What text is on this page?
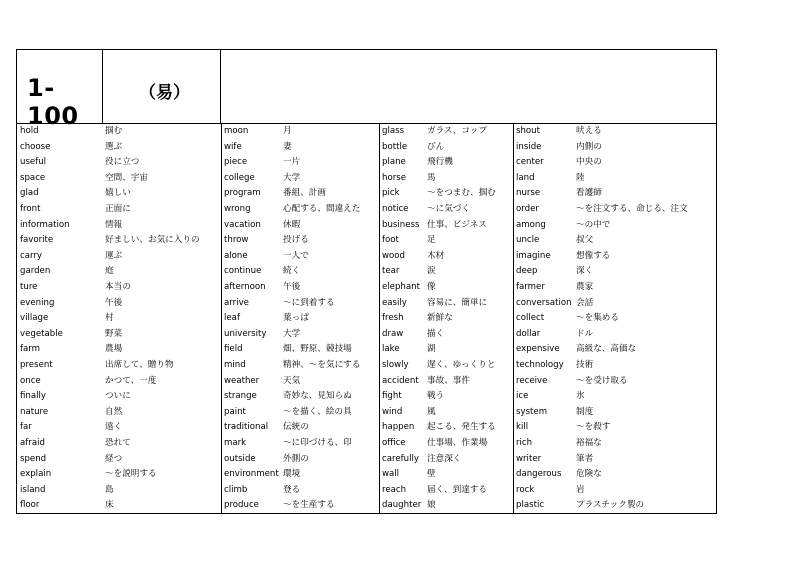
1-100
（易）
hold	掴む
choose	選ぶ
useful	役に立つ
space	空間、宇宙
glad	嬉しい
front	正面に
information	情報
favorite	好ましい、お気に入りの
carry	運ぶ
garden	庭
ture	本当の
evening	午後
village	村
vegetable	野菜
farm	農場
present	出席して、贈り物
once	かつて、一度
finally	ついに
nature	自然
far	遠く
afraid	恐れて
spend	経つ
explain	～を説明する
island	島
floor	床
moon	月
wife	妻
piece	一片
college	大学
program	番組、計画
wrong	心配する、間違えた
vacation	休暇
throw	投げる
alone	一人で
continue	続く
afternoon 午後
arrive	～に到着する
leaf	葉っぱ
university 大学
field	畑、野原、競技場
mind	精神、～を気にする
weather	天気
strange	奇妙な、見知らぬ
paint	～を描く、絵の具
traditional 伝統の
mark	～に印づける、印
outside	外側の
environment 環境
climb	登る
produce	～を生産する
glass	ガラス、コップ
bottle びん
plane 飛行機
horse 馬
pick	～をつまむ、掴む
notice ～に気づく
business 仕事、ビジネス
foot	足
wood	木材
tear	涙
elephant 像
easily 容易に、簡単に
fresh	新鮮な
draw	描く
lake	湖
slowly 遅く、ゆっくりと
accident 事故、事件
fight	戦う
wind	風
happen 起こる、発生する
office 仕事場、作業場
carefully 注意深く
wall	壁
reach 届く、到達する
daughter 娘
shout	吠える
inside	内側の
center	中央の
land	陸
nurse	看護師
order	～を注文する、命じる、注文
among	～の中で
uncle	叔父
imagine	想像する
deep	深く
farmer	農家
conversation 会話
collect	～を集める
dollar	ドル
expensive 高級な、高価な
technology 技術
receive	～を受け取る
ice	氷
system	制度
kill	～を殺す
rich	裕福な
writer	筆者
dangerous 危険な
rock	岩
plastic	プラスチック製の
